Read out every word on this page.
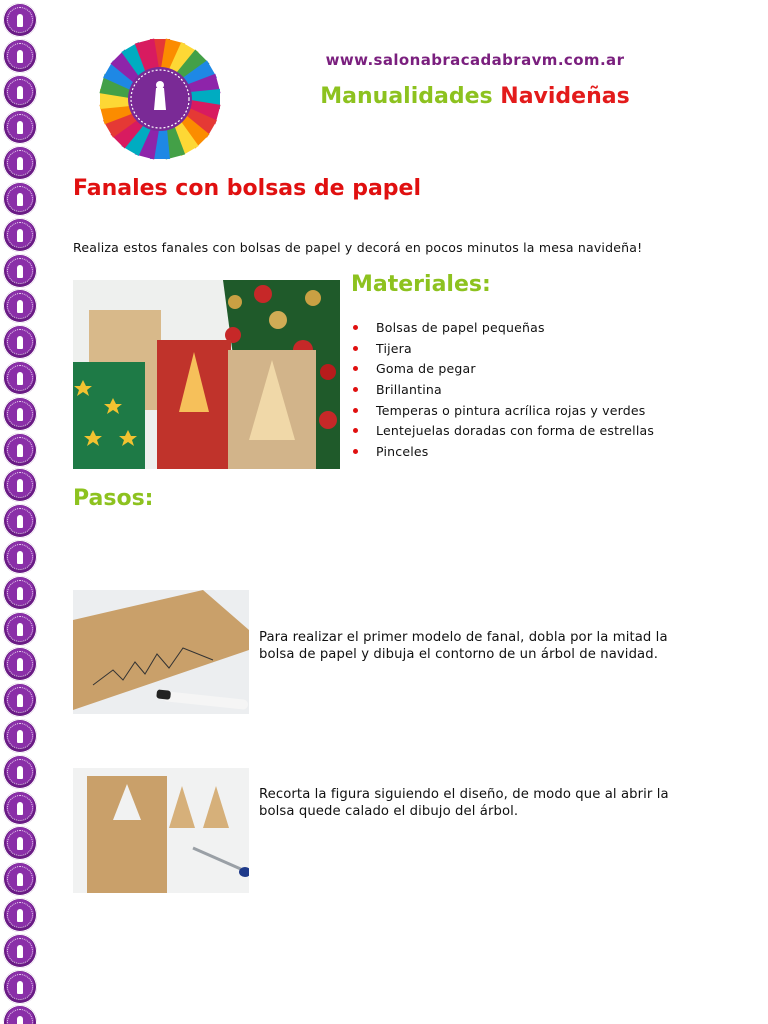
www.salonabracadabravm.com.ar
Manualidades Navideñas
Fanales con bolsas de papel
Realiza estos fanales con bolsas de papel y decorá en pocos minutos la mesa navideña!
Materiales:
Bolsas de papel pequeñas
Tijera
Goma de pegar
Brillantina
Temperas o pintura acrílica rojas y verdes
Lentejuelas doradas con forma de estrellas
Pinceles
Pasos:
Para realizar el primer modelo de fanal, dobla por la mitad la bolsa de papel y dibuja el contorno de un árbol de navidad.
Recorta la figura siguiendo el diseño, de modo que al abrir la bolsa quede calado el dibujo del árbol.
